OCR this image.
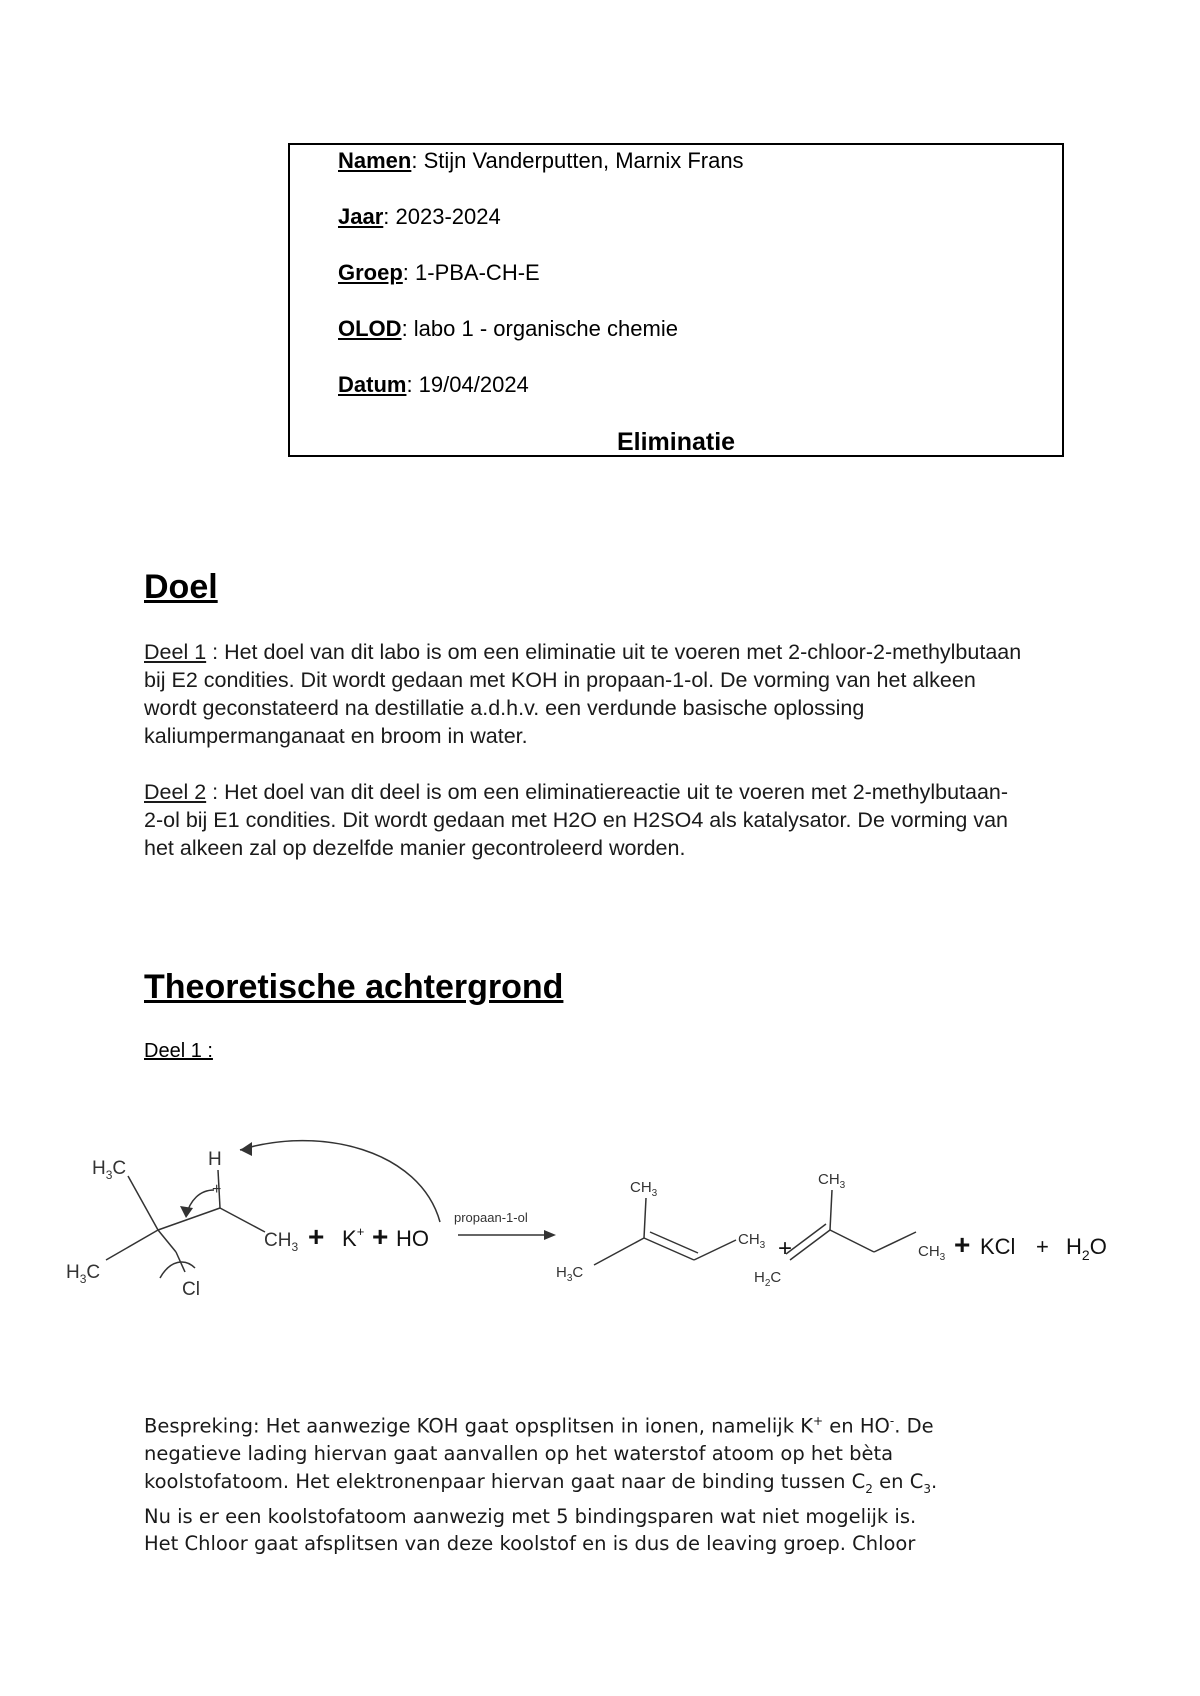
Namen: Stijn Vanderputten, Marnix Frans
Jaar: 2023-2024
Groep: 1-PBA-CH-E
OLOD: labo 1 - organische chemie
Datum: 19/04/2024
Eliminatie
Doel
Deel 1 : Het doel van dit labo is om een eliminatie uit te voeren met 2-chloor-2-methylbutaan bij E2 condities. Dit wordt gedaan met KOH in propaan-1-ol. De vorming van het alkeen wordt geconstateerd na destillatie a.d.h.v. een verdunde basische oplossing kaliumpermanganaat en broom in water.
Deel 2 : Het doel van dit deel is om een eliminatiereactie uit te voeren met 2-methylbutaan-2-ol bij E1 condities. Dit wordt gedaan met H2O en H2SO4 als katalysator. De vorming van het alkeen zal op dezelfde manier gecontroleerd worden.
Theoretische achtergrond
Deel 1 :
$H_3C$
$H_3C$
H
+
Cl
$CH_3 + K^+$ + HO
propaan-1-ol
$CH_3$
$H_3C$
$CH_3$ +
$CH_3$
$H_2C$
$CH_3$ + KCl + $H_2O$
Bespreking: Het aanwezige KOH gaat opsplitsen in ionen, namelijk K+ en HO-. De
negatieve lading hiervan gaat aanvallen op het waterstof atoom op het bèta
koolstofatoom. Het elektronenpaar hiervan gaat naar de binding tussen $C_2$ en $C_3$.
Nu is er een koolstofatoom aanwezig met 5 bindingsparen wat niet mogelijk is.
Het Chloor gaat afsplitsen van deze koolstof en is dus de leaving groep. Chloor
